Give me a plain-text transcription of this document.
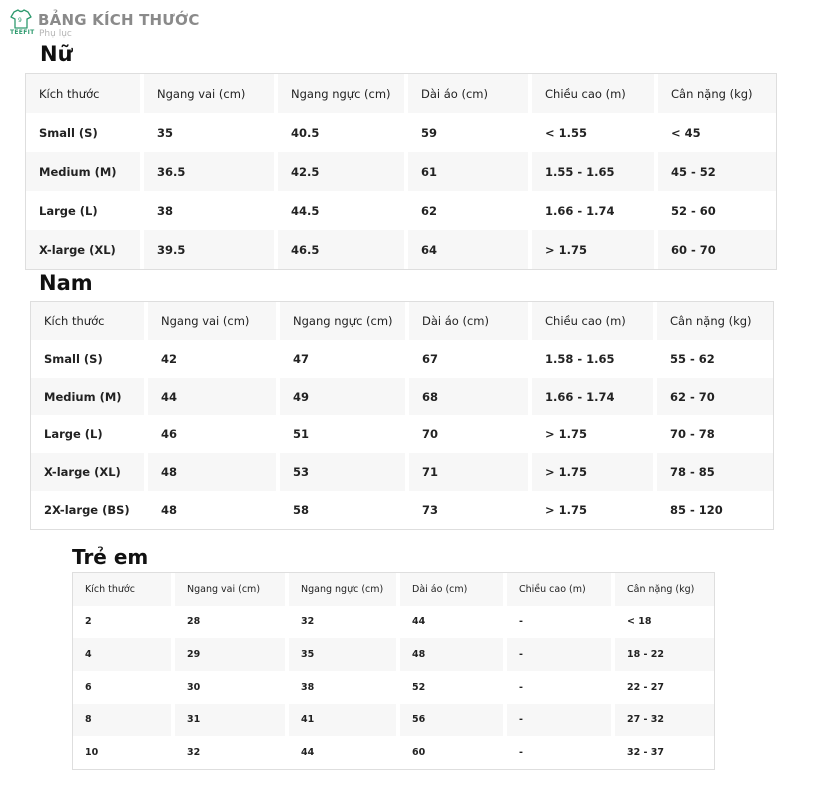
9
TEEFIT
BẢNG KÍCH THƯỚC
Phụ lục
Nữ
Kích thước	Ngang vai (cm)	Ngang ngực (cm)	Dài áo (cm)	Chiều cao (m)	Cân nặng (kg)
Small (S)	35	40.5	59	< 1.55	< 45
Medium (M)	36.5	42.5	61	1.55 - 1.65	45 - 52
Large (L)	38	44.5	62	1.66 - 1.74	52 - 60
X-large (XL)	39.5	46.5	64	> 1.75	60 - 70
Nam
Kích thước	Ngang vai (cm)	Ngang ngực (cm)	Dài áo (cm)	Chiều cao (m)	Cân nặng (kg)
Small (S)	42	47	67	1.58 - 1.65	55 - 62
Medium (M)	44	49	68	1.66 - 1.74	62 - 70
Large (L)	46	51	70	> 1.75	70 - 78
X-large (XL)	48	53	71	> 1.75	78 - 85
2X-large (BS)	48	58	73	> 1.75	85 - 120
Trẻ em
Kích thước	Ngang vai (cm)	Ngang ngực (cm)	Dài áo (cm)	Chiều cao (m)	Cân nặng (kg)
2	28	32	44	-	< 18
4	29	35	48	-	18 - 22
6	30	38	52	-	22 - 27
8	31	41	56	-	27 - 32
10	32	44	60	-	32 - 37
